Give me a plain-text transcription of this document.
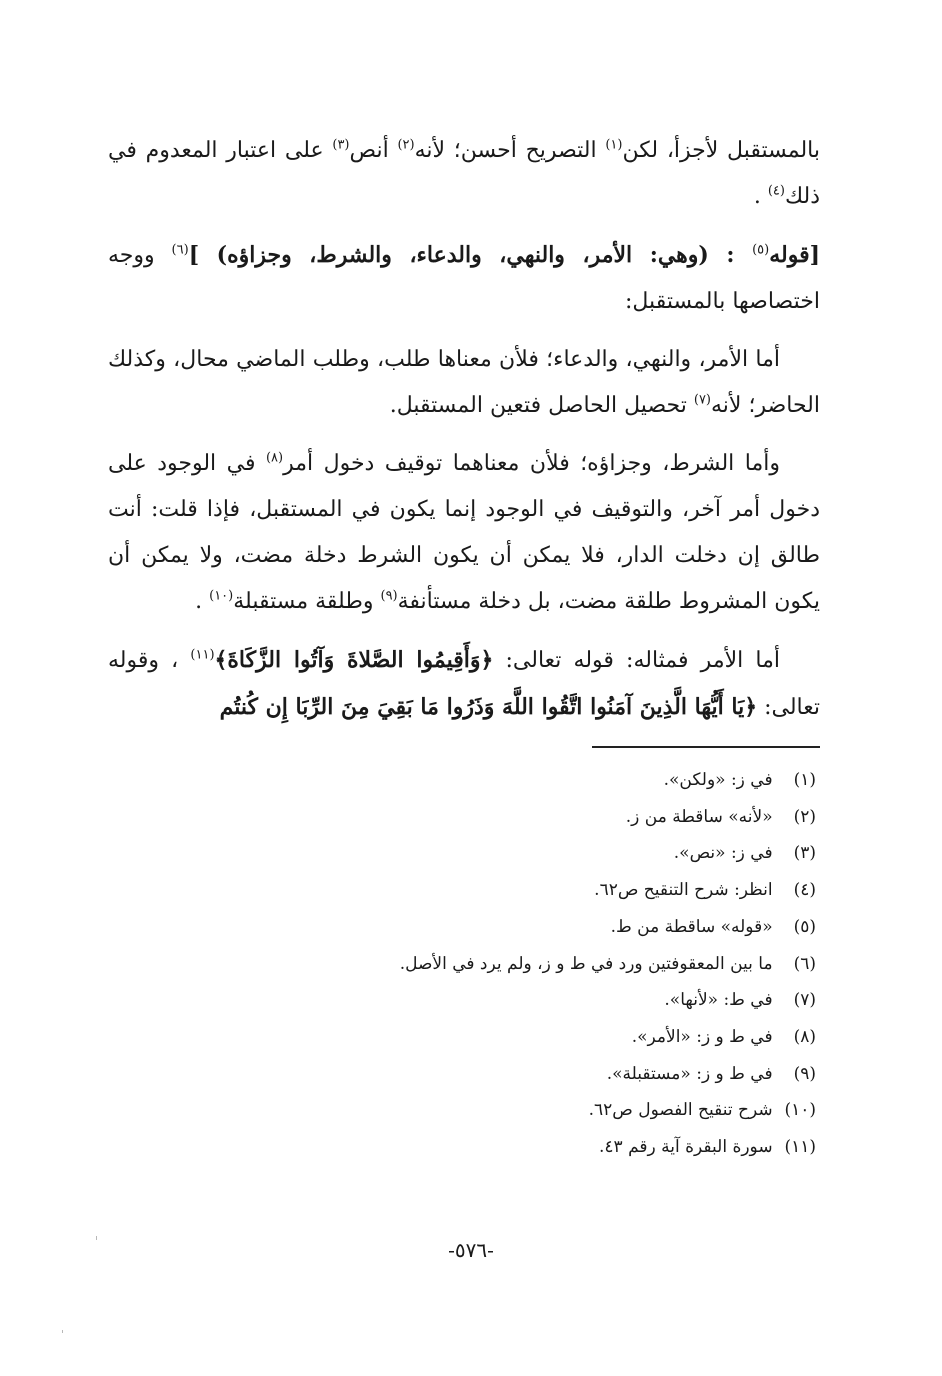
بالمستقبل لأجزأ، لكن$^{(١)}$ التصريح أحسن؛ لأنه$^{(٢)}$ أنص$^{(٣)}$ على اعتبار المعدوم في ذلك$^{(٤)}$ .

[قوله$^{(٥)}$ : (وهي: الأمر، والنهي، والدعاء، والشرط، وجزاؤه) ]$^{(٦)}$ ووجه اختصاصها بالمستقبل:

أما الأمر، والنهي، والدعاء؛ فلأن معناها طلب، وطلب الماضي محال، وكذلك الحاضر؛ لأنه$^{(٧)}$ تحصيل الحاصل فتعين المستقبل.

وأما الشرط، وجزاؤه؛ فلأن معناهما توقيف دخول أمر$^{(٨)}$ في الوجود على دخول أمر آخر، والتوقيف في الوجود إنما يكون في المستقبل، فإذا قلت: أنت طالق إن دخلت الدار، فلا يمكن أن يكون الشرط دخلة مضت، ولا يمكن أن يكون المشروط طلقة مضت، بل دخلة مستأنفة$^{(٩)}$ وطلقة مستقبلة$^{(١٠)}$ .

أما الأمر فمثاله: قوله تعالى: ﴿وَأَقِيمُوا الصَّلاةَ وَآتُوا الزَّكَاةَ﴾$^{(١١)}$ ، وقوله تعالى: ﴿يَا أَيُّهَا الَّذِينَ آمَنُوا اتَّقُوا اللَّهَ وَذَرُوا مَا بَقِيَ مِنَ الرِّبَا إِن كُنتُم

(١) في ز: «ولكن».
(٢) «لأنه» ساقطة من ز.
(٣) في ز: «نص».
(٤) انظر: شرح التنقيح ص٦٢.
(٥) «قوله» ساقطة من ط.
(٦) ما بين المعقوفتين ورد في ط و ز، ولم يرد في الأصل.
(٧) في ط: «لأنها».
(٨) في ط و ز: «الأمر».
(٩) في ط و ز: «مستقبلة».
(١٠) شرح تنقيح الفصول ص٦٢.
(١١) سورة البقرة آية رقم ٤٣.
-٥٧٦-
